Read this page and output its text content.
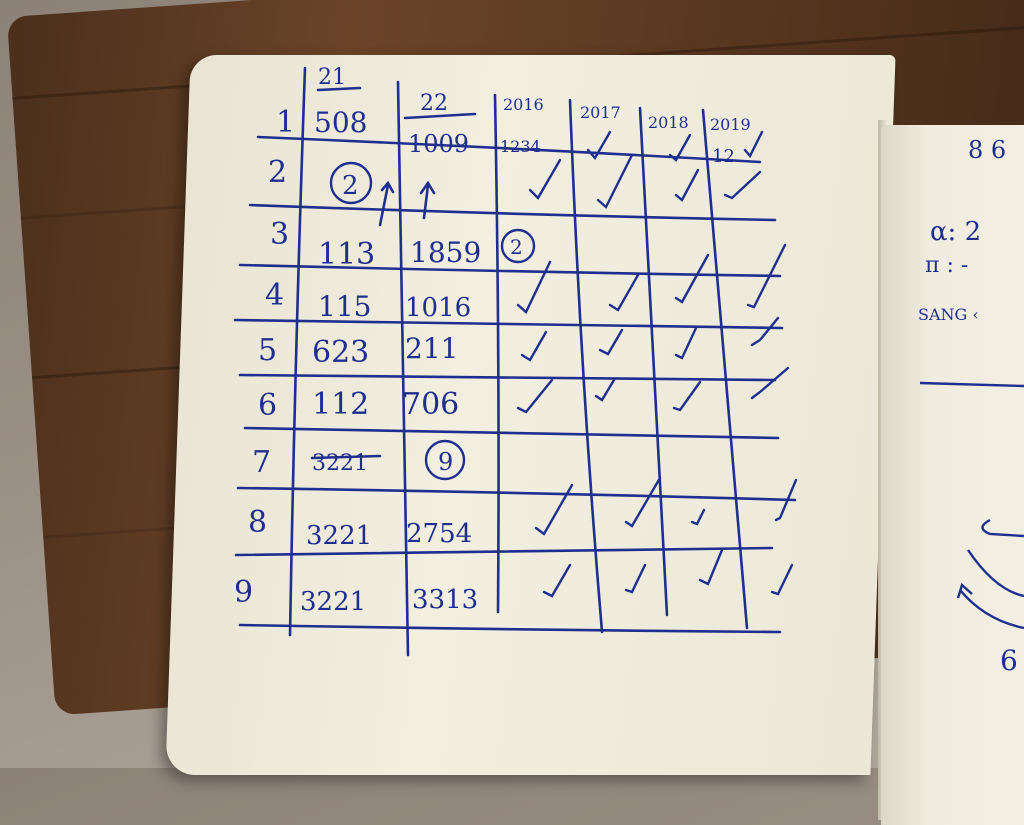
1
21
508
22
1009
2016
1234
2017
2018 2019
12
2 2
3
113 1859 2
4 115 1016
5 623 211
6 112 706
7 3221	9
8 3221 2754
9 3221 3313
8 6
α: 2
π : -
SANG ‹
6
